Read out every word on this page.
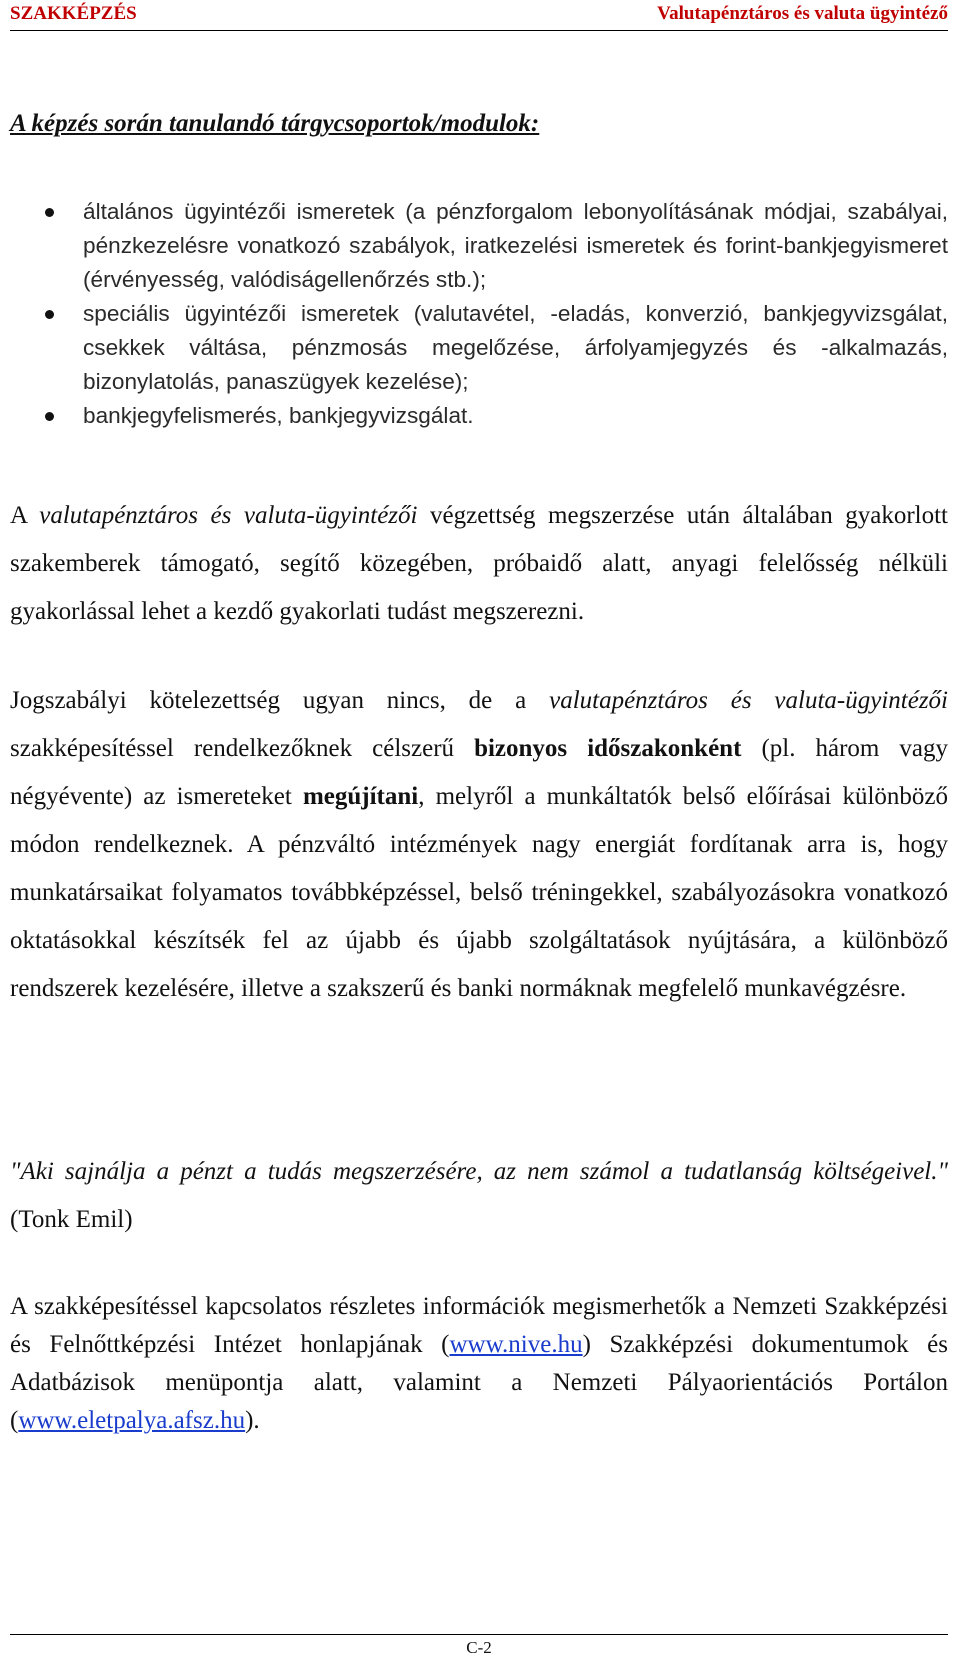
SZAKKÉPZÉS	Valutapénztáros és valuta ügyintéző
A képzés során tanulandó tárgycsoportok/modulok:
általános ügyintézői ismeretek (a pénzforgalom lebonyolításának módjai, szabályai, pénzkezelésre vonatkozó szabályok, iratkezelési ismeretek és forint-bankjegyismeret (érvényesség, valódiságellenőrzés stb.);
speciális ügyintézői ismeretek (valutavétel, -eladás, konverzió, bankjegyvizsgálat, csekkek váltása, pénzmosás megelőzése, árfolyamjegyzés és -alkalmazás, bizonylatolás, panaszügyek kezelése);
bankjegyfelismerés, bankjegyvizsgálat.

A valutapénztáros és valuta-ügyintézői végzettség megszerzése után általában gyakorlott szakemberek támogató, segítő közegében, próbaidő alatt, anyagi felelősség nélküli gyakorlással lehet a kezdő gyakorlati tudást megszerezni.

Jogszabályi kötelezettség ugyan nincs, de a valutapénztáros és valuta-ügyintézői szakképesítéssel rendelkezőknek célszerű bizonyos időszakonként (pl. három vagy négyévente) az ismereteket megújítani, melyről a munkáltatók belső előírásai különböző módon rendelkeznek. A pénzváltó intézmények nagy energiát fordítanak arra is, hogy munkatársaikat folyamatos továbbképzéssel, belső tréningekkel, szabályozásokra vonatkozó oktatásokkal készítsék fel az újabb és újabb szolgáltatások nyújtására, a különböző rendszerek kezelésére, illetve a szakszerű és banki normáknak megfelelő munkavégzésre.

"Aki sajnálja a pénzt a tudás megszerzésére, az nem számol a tudatlanság költségeivel." (Tonk Emil)

A szakképesítéssel kapcsolatos részletes információk megismerhetők a Nemzeti Szakképzési és Felnőttképzési Intézet honlapjának (www.nive.hu) Szakképzési dokumentumok és Adatbázisok menüpontja alatt, valamint a Nemzeti Pályaorientációs Portálon (www.eletpalya.afsz.hu).

C-2
